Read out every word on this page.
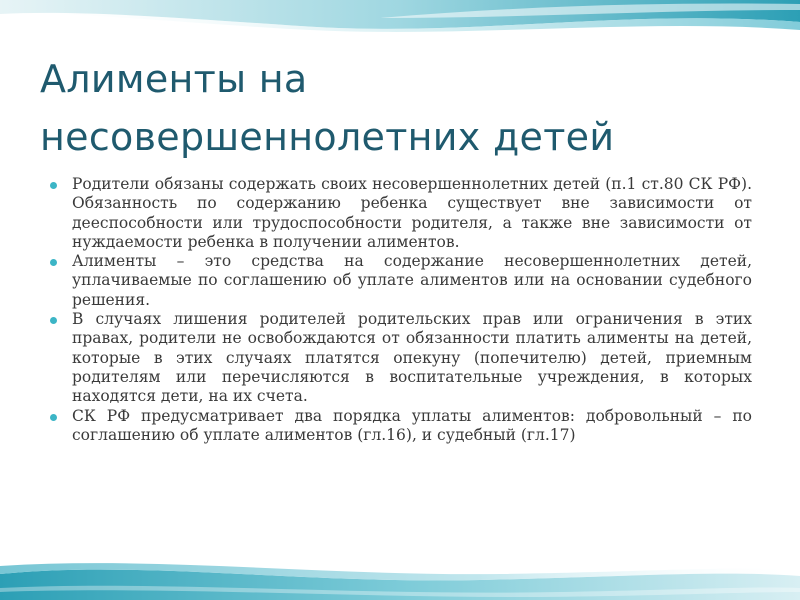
Алименты на несовершеннолетних детей
Родители обязаны содержать своих несовершеннолетних детей (п.1 ст.80 СК РФ). Обязанность по содержанию ребенка существует вне зависимости от дееспособности или трудоспособности родителя, а также вне зависимости от нуждаемости ребенка в получении алиментов.
Алименты – это средства на содержание несовершеннолетних детей, уплачиваемые по соглашению об уплате алиментов или на основании судебного решения.
В случаях лишения родителей родительских прав или ограничения в этих правах, родители не освобождаются от обязанности платить алименты на детей, которые в этих случаях платятся опекуну (попечителю) детей, приемным родителям или перечисляются в воспитательные учреждения, в которых находятся дети, на их счета.
СК РФ предусматривает два порядка уплаты алиментов: добровольный – по соглашению об уплате алиментов (гл.16), и судебный (гл.17)
